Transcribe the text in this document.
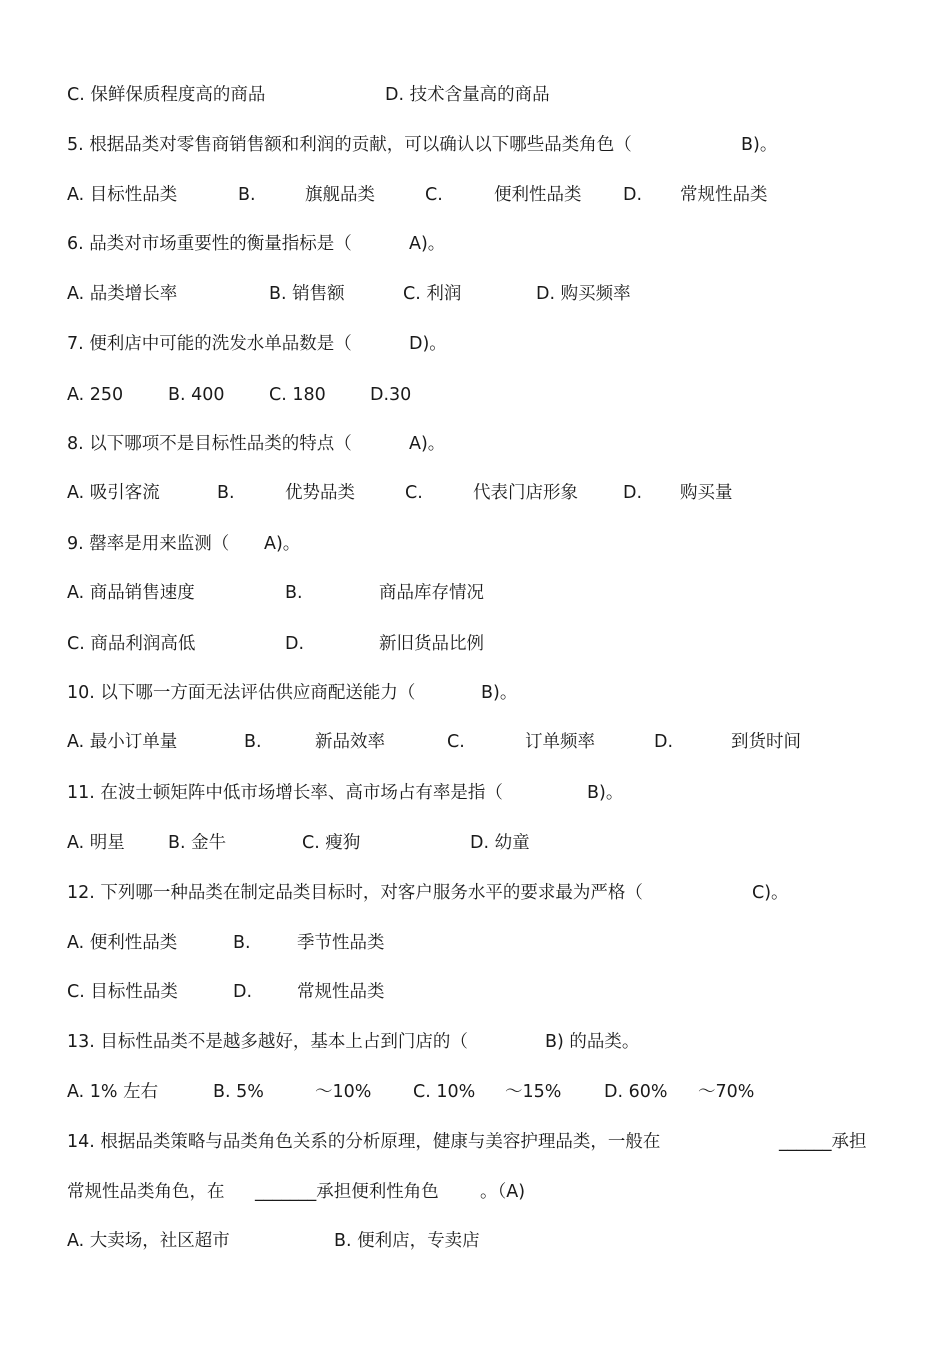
C. 保鲜保质程度高的商品	D. 技术含量高的商品
5. 根据品类对零售商销售额和利润的贡献，可以确认以下哪些品类角色（	B)。
A. 目标性品类	B.	旗舰品类	C.	便利性品类 D. 常规性品类
6. 品类对市场重要性的衡量指标是（	A)。
A. 品类增长率	B. 销售额	C. 利润	D. 购买频率
7. 便利店中可能的洗发水单品数是（	D)。
A. 250	B. 400	C. 180	D.30
8. 以下哪项不是目标性品类的特点（	A)。
A. 吸引客流	B.	优势品类	C.	代表门店形象	D. 购买量
9. 罄率是用来监测（ A)。
A. 商品销售速度	B.	商品库存情况
C. 商品利润高低	D.	新旧货品比例
10. 以下哪一方面无法评估供应商配送能力（	B)。
A. 最小订单量	B.	新品效率	C.	订单频率	D.	到货时间
11. 在波士顿矩阵中低市场增长率、高市场占有率是指（	B)。
A. 明星 B. 金牛	C. 瘦狗	D. 幼童
12. 下列哪一种品类在制定品类目标时，对客户服务水平的要求最为严格（	C)。
A. 便利性品类	B.	季节性品类
C. 目标性品类	D.	常规性品类
13. 目标性品类不是越多越好，基本上占到门店的（	B) 的品类。
A. 1% 左右	B. 5%	～10% C. 10% ～15% D. 60% ～70%
14. 根据品类策略与品类角色关系的分析原理，健康与美容护理品类，一般在	______承担
常规性品类角色，在 _______承担便利性角色 。（A)
A. 大卖场，社区超市	B. 便利店，专卖店
